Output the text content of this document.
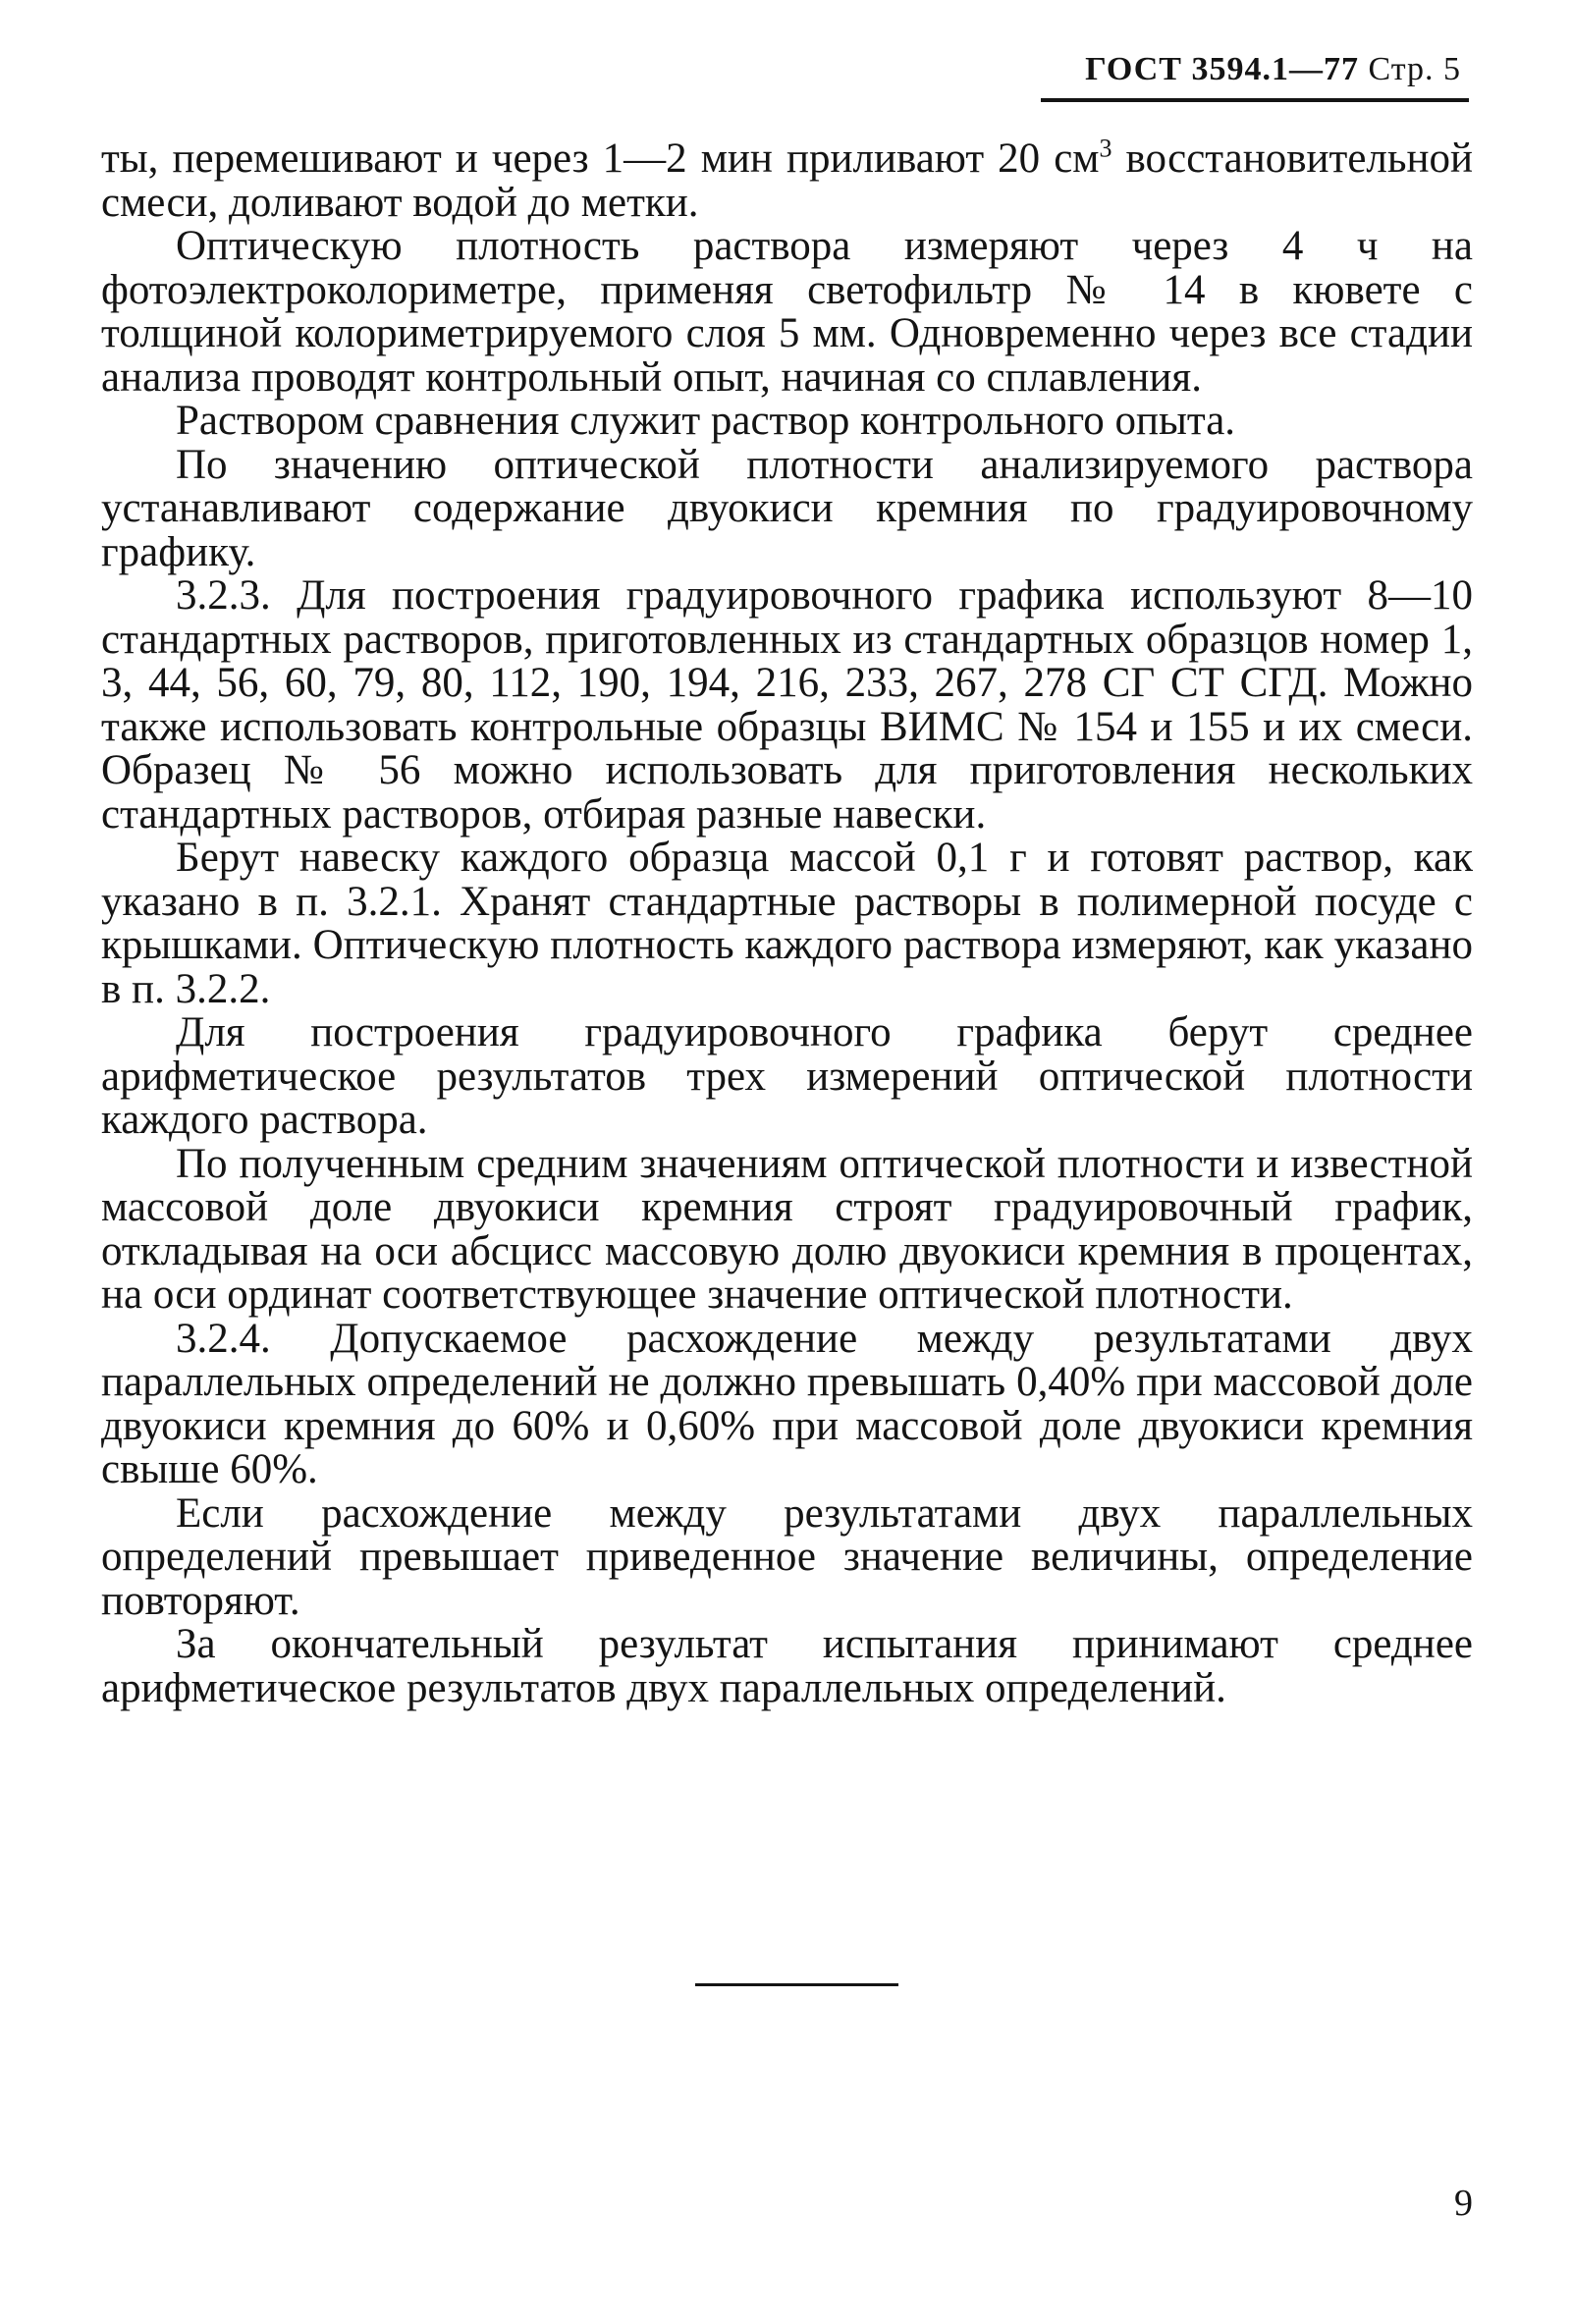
ГОСТ 3594.1—77 Стр. 5

ты, перемешивают и через 1—2 мин приливают 20 $см^3$ восстановительной смеси, доливают водой до метки.

Оптическую плотность раствора измеряют через 4 ч на фотоэлектроколориметре, применяя светофильтр № 14 в кювете с толщиной колориметрируемого слоя 5 мм. Одновременно через все стадии анализа проводят контрольный опыт, начиная со сплавления.

Раствором сравнения служит раствор контрольного опыта.

По значению оптической плотности анализируемого раствора устанавливают содержание двуокиси кремния по градуировочному графику.

3.2.3. Для построения градуировочного графика используют 8—10 стандартных растворов, приготовленных из стандартных образцов номер 1, 3, 44, 56, 60, 79, 80, 112, 190, 194, 216, 233, 267, 278 СГ СТ СГД. Можно также использовать контрольные образцы ВИМС № 154 и 155 и их смеси. Образец № 56 можно использовать для приготовления нескольких стандартных растворов, отбирая разные навески.

Берут навеску каждого образца массой 0,1 г и готовят раствор, как указано в п. 3.2.1. Хранят стандартные растворы в полимерной посуде с крышками. Оптическую плотность каждого раствора измеряют, как указано в п. 3.2.2.

Для построения градуировочного графика берут среднее арифметическое результатов трех измерений оптической плотности каждого раствора.

По полученным средним значениям оптической плотности и известной массовой доле двуокиси кремния строят градуировочный график, откладывая на оси абсцисс массовую долю двуокиси кремния в процентах, на оси ординат соответствующее значение оптической плотности.

3.2.4. Допускаемое расхождение между результатами двух параллельных определений не должно превышать 0,40% при массовой доле двуокиси кремния до 60% и 0,60% при массовой доле двуокиси кремния свыше 60%.

Если расхождение между результатами двух параллельных определений превышает приведенное значение величины, определение повторяют.

За окончательный результат испытания принимают среднее арифметическое результатов двух параллельных определений.

9
